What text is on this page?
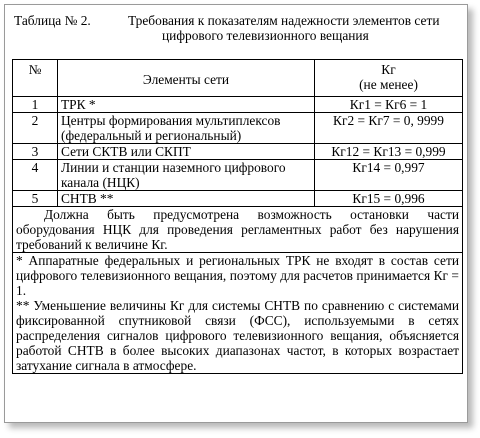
Таблица № 2.	Требования к показателям надежности элементов сети
цифрового телевизионного вещания
№	Элементы сети	Кг
(не менее)

1	ТРК *	Кг1 = Кг6 = 1
2	Центры формирования мультиплексов
(федеральный и региональный)	Кг2 = Кг7 = 0, 9999
3	Сети СКТВ или СКПТ	Кг12 = Кг13 = 0,999
4	Линии и станции наземного цифрового
канала (НЦК)	Кг14 = 0,997
5	СНТВ **	Кг15 = 0,996
Должна быть предусмотрена возможность остановки части оборудования НЦК для проведения регламентных работ без нарушения требований к величине Кг.		

* Аппаратные федеральных и региональных ТРК не входят в состав сети цифрового телевизионного вещания, поэтому для расчетов принимается Кг = 1.
** Уменьшение величины Кг для системы СНТВ по сравнению с системами фиксированной спутниковой связи (ФСС), используемыми в сетях распределения сигналов цифрового телевизионного вещания, объясняется работой СНТВ в более высоких диапазонах частот, в которых возрастает затухание сигнала в атмосфере.		
